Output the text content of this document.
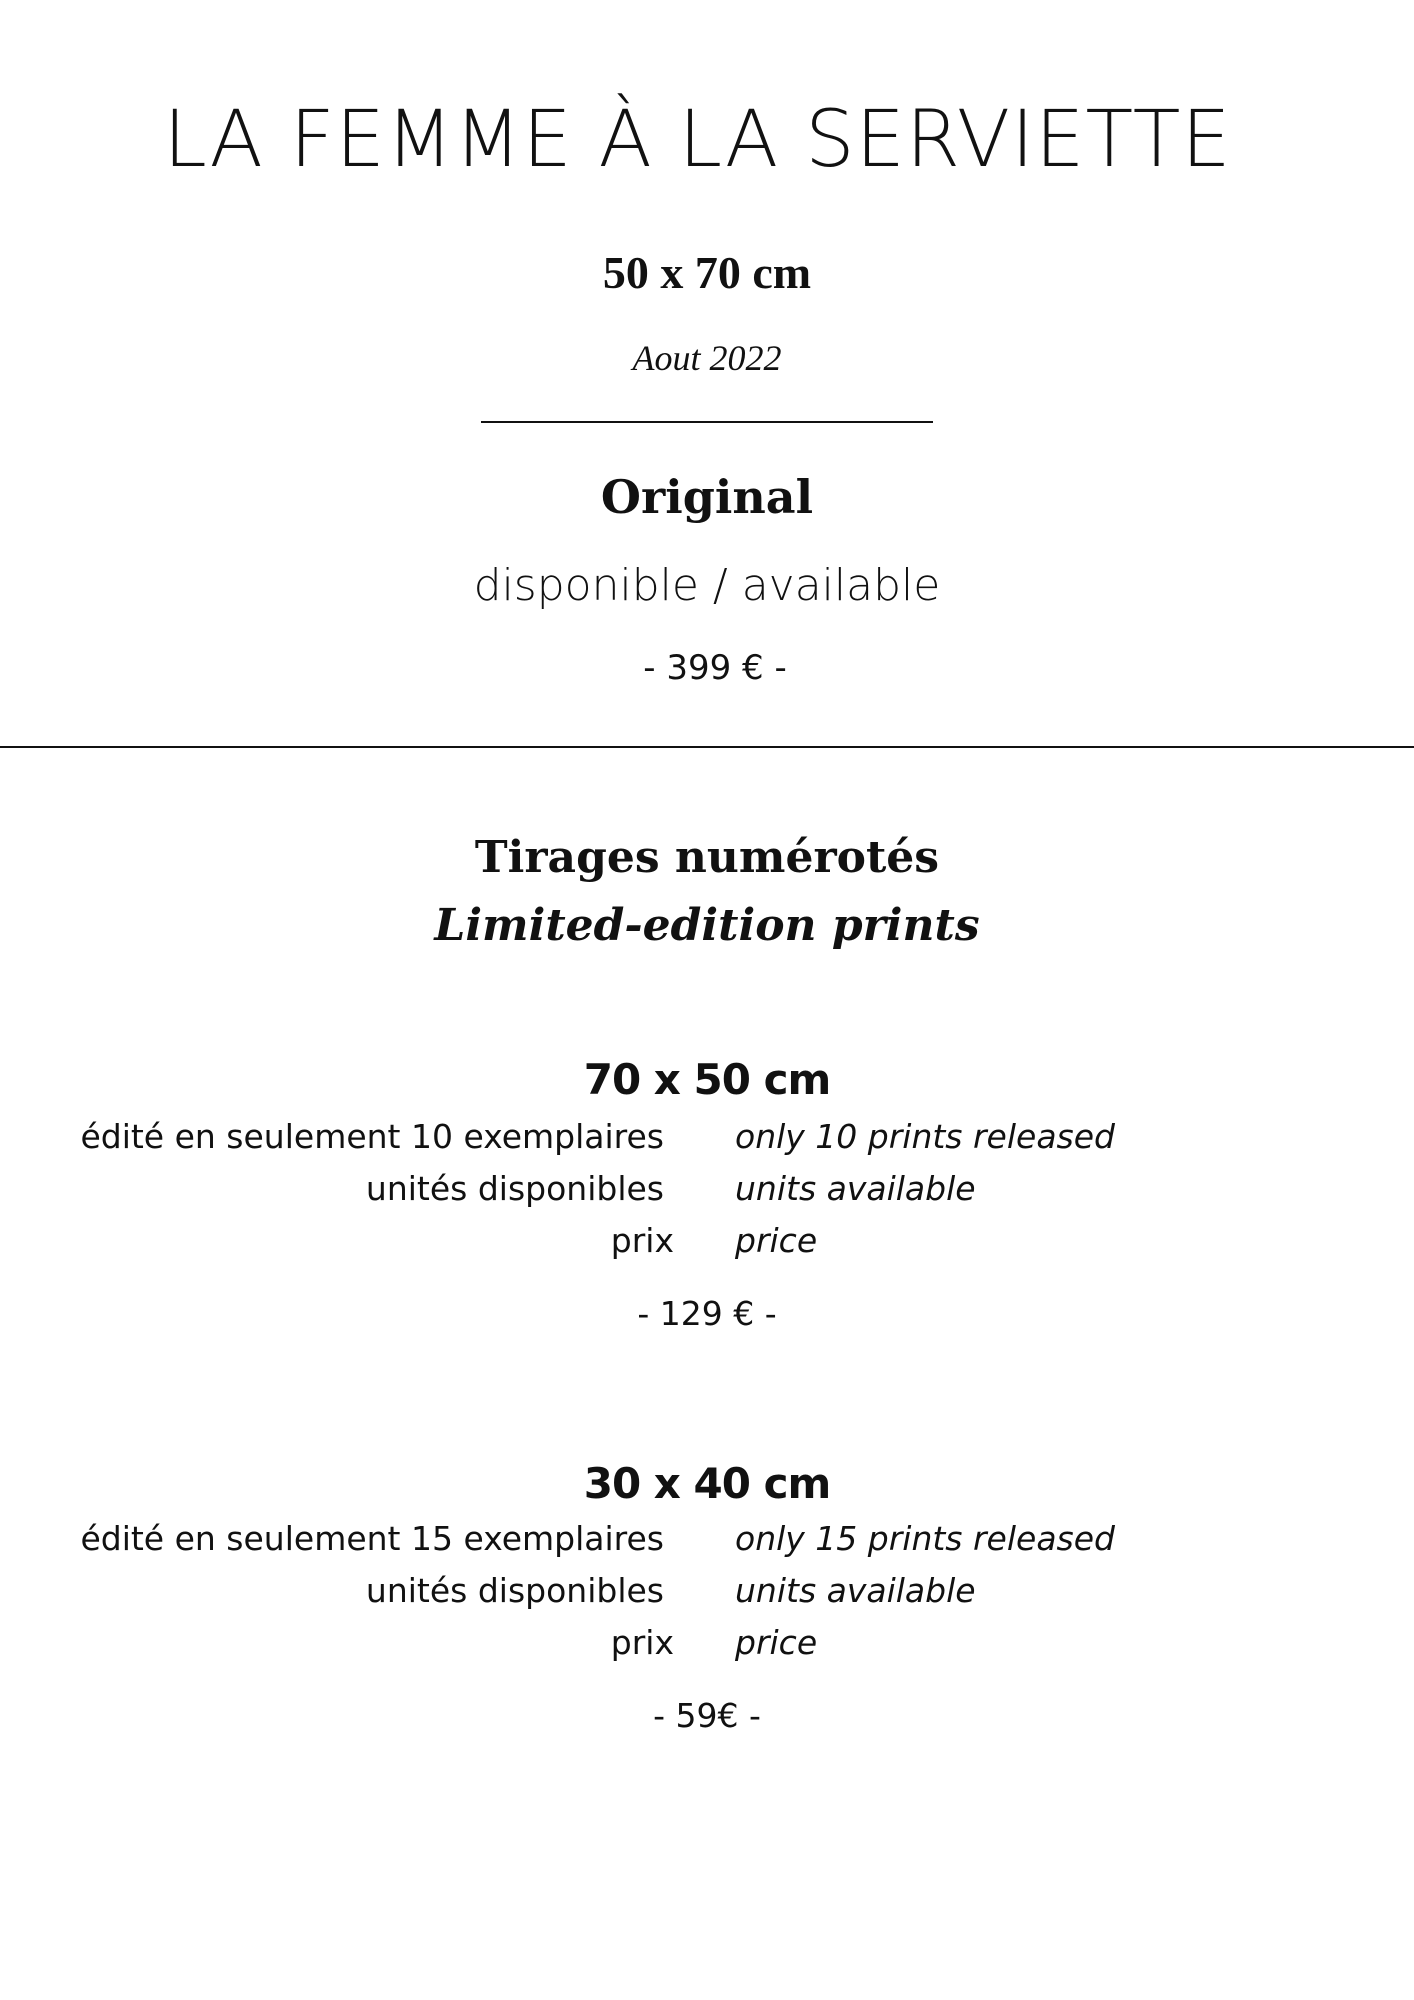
LA FEMME À LA SERVIETTE
50 x 70 cm
Aout 2022
Original
disponible / available
- 399 € -
Tirages numérotés
Limited-edition prints
70 x 50 cm
édité en seulement 10 exemplaires only 10 prints released
unités disponibles units available
prix price
- 129 € -
30 x 40 cm
édité en seulement 15 exemplaires only 15 prints released
unités disponibles units available
prix price
- 59€ -
